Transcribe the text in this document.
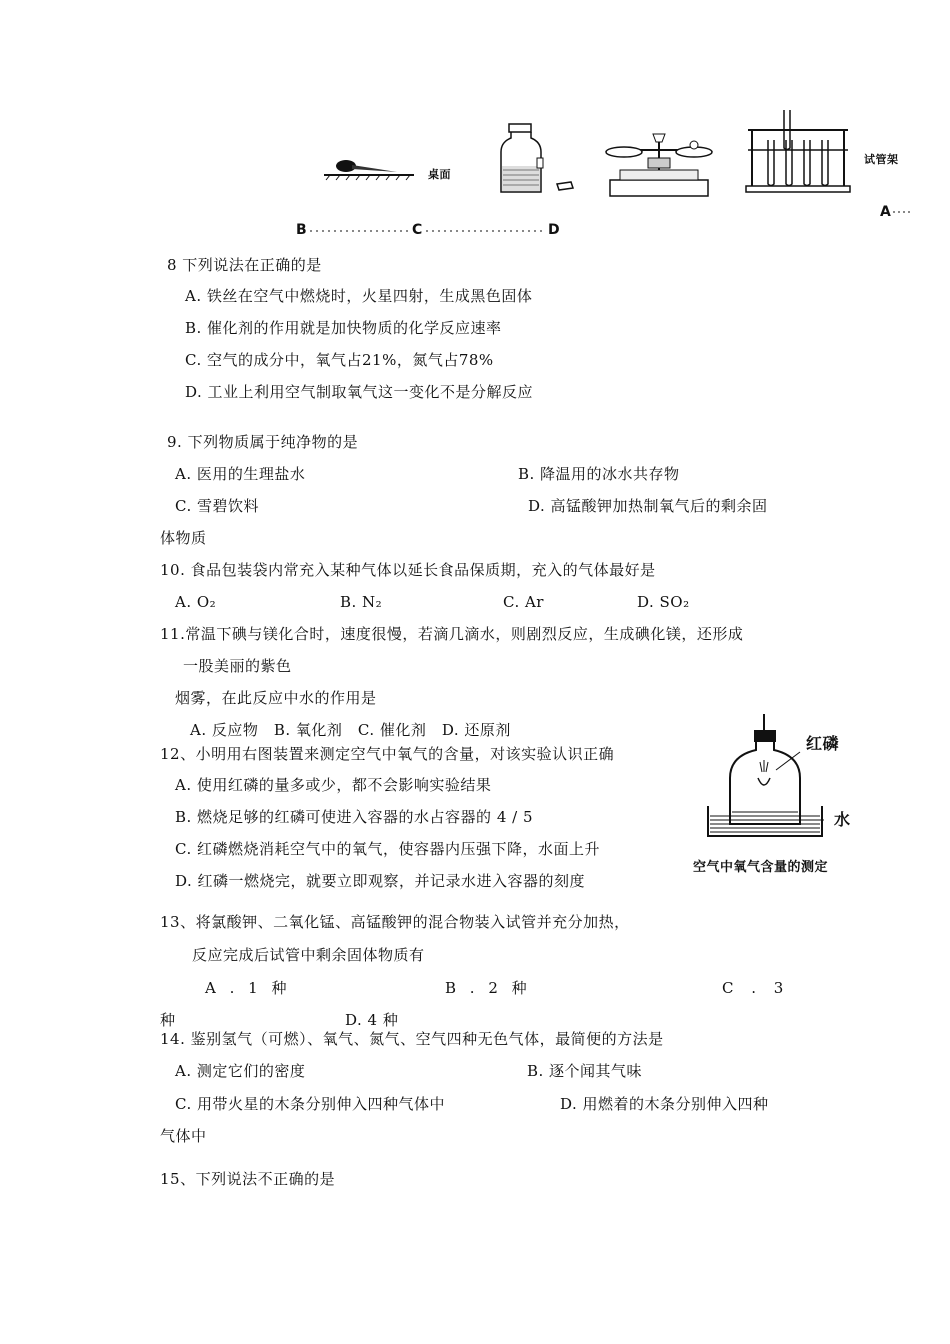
桌面
试管架
A
B	C	D
8 下列说法在正确的是
A. 铁丝在空气中燃烧时，火星四射，生成黑色固体
B. 催化剂的作用就是加快物质的化学反应速率
C. 空气的成分中，氧气占21%，氮气占78%
D. 工业上利用空气制取氧气这一变化不是分解反应
9. 下列物质属于纯净物的是
A. 医用的生理盐水	B. 降温用的冰水共存物
C. 雪碧饮料	D. 高锰酸钾加热制氧气后的剩余固
体物质
10. 食品包装袋内常充入某种气体以延长食品保质期，充入的气体最好是
A. O₂	B. N₂	C. Ar	D. SO₂
11.常温下碘与镁化合时，速度很慢，若滴几滴水，则剧烈反应，生成碘化镁，还形成
一股美丽的紫色
烟雾，在此反应中水的作用是
A. 反应物　B. 氧化剂　C. 催化剂　D. 还原剂
12、小明用右图装置来测定空气中氧气的含量，对该实验认识正确
A. 使用红磷的量多或少，都不会影响实验结果
B. 燃烧足够的红磷可使进入容器的水占容器的 4 / 5
C. 红磷燃烧消耗空气中的氧气，使容器内压强下降，水面上升
D. 红磷一燃烧完，就要立即观察，并记录水进入容器的刻度
红磷
水
空气中氧气含量的测定
13、将氯酸钾、二氧化锰、高锰酸钾的混合物装入试管并充分加热，
反应完成后试管中剩余固体物质有
A . 1 种	B . 2 种	C . 3
种	D. 4 种
14. 鉴别氢气（可燃）、氧气、氮气、空气四种无色气体，最简便的方法是
A. 测定它们的密度	B. 逐个闻其气味
C. 用带火星的木条分别伸入四种气体中	D. 用燃着的木条分别伸入四种
气体中
15、下列说法不正确的是
